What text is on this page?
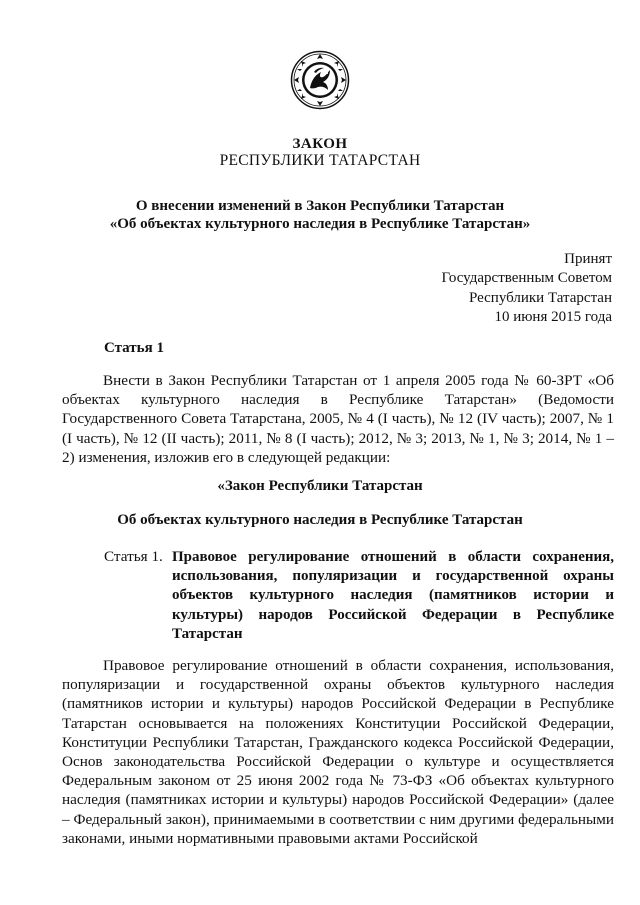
ЗАКОН
РЕСПУБЛИКИ ТАТАРСТАН
О внесении изменений в Закон Республики Татарстан
«Об объектах культурного наследия в Республике Татарстан»
Принят
Государственным Советом
Республики Татарстан
10 июня 2015 года
Статья 1
Внести в Закон Республики Татарстан от 1 апреля 2005 года № 60-ЗРТ «Об объектах культурного наследия в Республике Татарстан» (Ведомости Государственного Совета Татарстана, 2005, № 4 (I часть), № 12 (IV часть); 2007, № 1 (I часть), № 12 (II часть); 2011, № 8 (I часть); 2012, № 3; 2013, № 1, № 3; 2014, № 1 – 2) изменения, изложив его в следующей редакции:
«Закон Республики Татарстан
Об объектах культурного наследия в Республике Татарстан
Статья 1. Правовое регулирование отношений в области сохранения, использования, популяризации и государственной охраны объектов культурного наследия (памятников истории и культуры) народов Российской Федерации в Республике Татарстан
Правовое регулирование отношений в области сохранения, использования, популяризации и государственной охраны объектов культурного наследия (памятников истории и культуры) народов Российской Федерации в Республике Татарстан основывается на положениях Конституции Российской Федерации, Конституции Республики Татарстан, Гражданского кодекса Российской Федерации, Основ законодательства Российской Федерации о культуре и осуществляется Федеральным законом от 25 июня 2002 года № 73-ФЗ «Об объектах культурного наследия (памятниках истории и культуры) народов Российской Федерации» (далее – Федеральный закон), принимаемыми в соответствии с ним другими федеральными законами, иными нормативными правовыми актами Российской
